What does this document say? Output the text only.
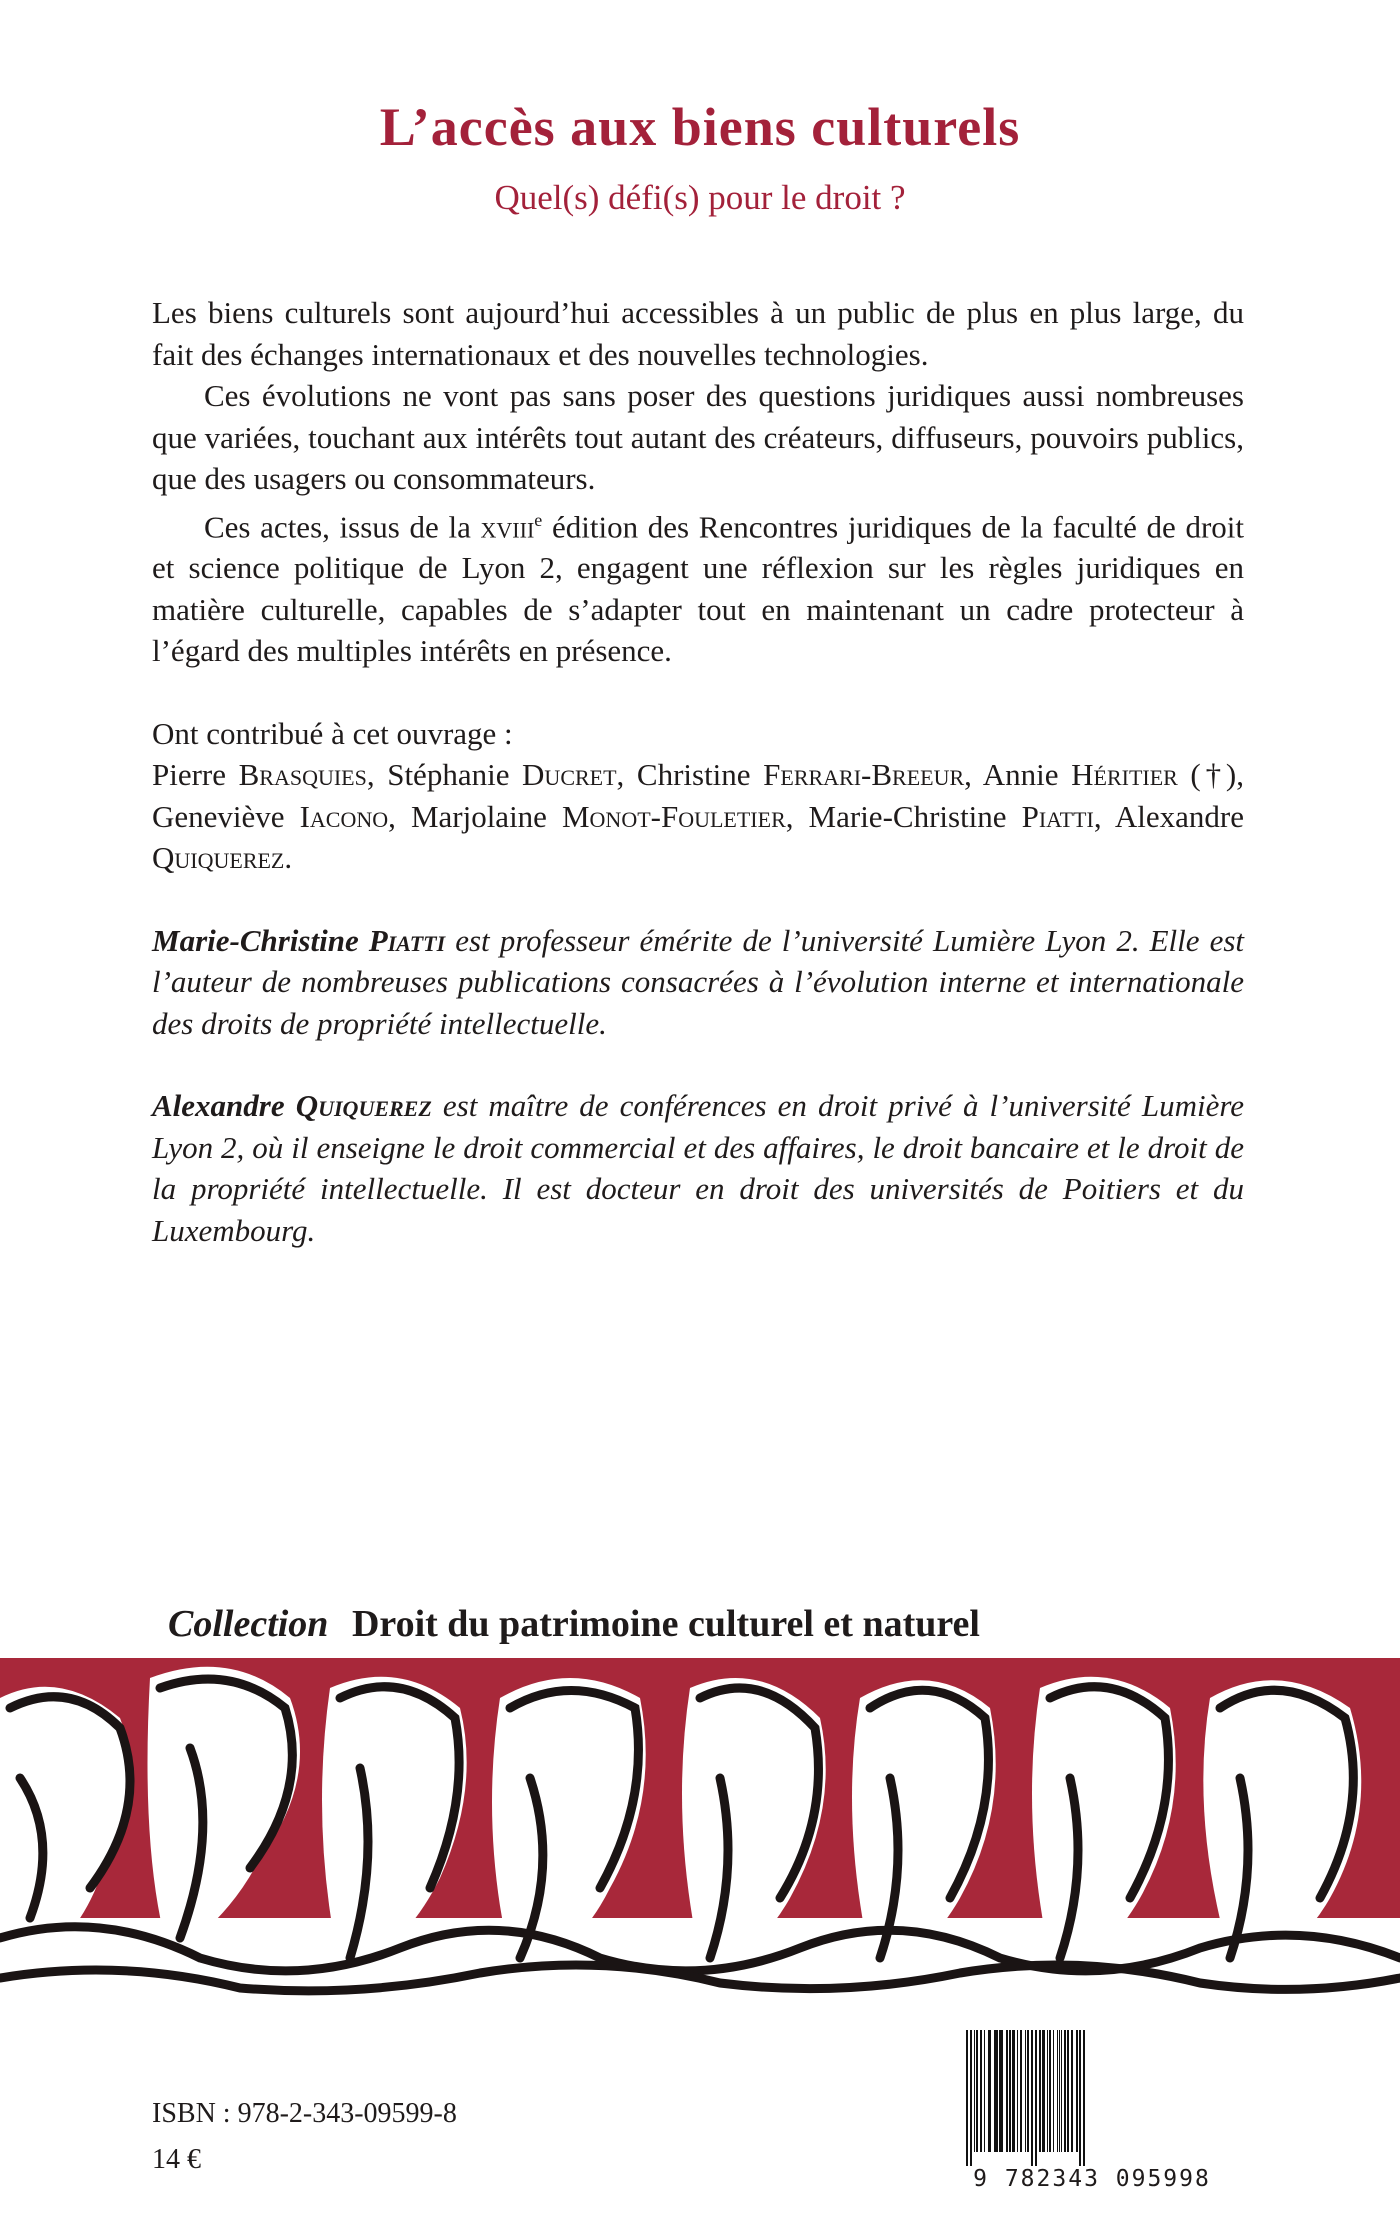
L’accès aux biens culturels
Quel(s) défi(s) pour le droit ?

Les biens culturels sont aujourd’hui accessibles à un public de plus en plus large, du fait des échanges internationaux et des nouvelles technologies.

Ces évolutions ne vont pas sans poser des questions juridiques aussi nombreuses que variées, touchant aux intérêts tout autant des créateurs, diffuseurs, pouvoirs publics, que des usagers ou consommateurs.

Ces actes, issus de la xviii$^e$ édition des Rencontres juridiques de la faculté de droit et science politique de Lyon 2, engagent une réflexion sur les règles juridiques en matière culturelle, capables de s’adapter tout en maintenant un cadre protecteur à l’égard des multiples intérêts en présence.

Ont contribué à cet ouvrage :

Pierre Brasquies, Stéphanie Ducret, Christine Ferrari-Breeur, Annie Héritier (†), Geneviève Iacono, Marjolaine Monot-Fouletier, Marie-Christine Piatti, Alexandre Quiquerez.

Marie-Christine Piatti est professeur émérite de l’université Lumière Lyon 2. Elle est l’auteur de nombreuses publications consacrées à l’évolution interne et internationale des droits de propriété intellectuelle.

Alexandre Quiquerez est maître de conférences en droit privé à l’université Lumière Lyon 2, où il enseigne le droit commercial et des affaires, le droit bancaire et le droit de la propriété intellectuelle. Il est docteur en droit des universités de Poitiers et du Luxembourg.

Collection Droit du patrimoine culturel et naturel
ISBN : 978-2-343-09599-8
14 €
9 782343 095998
